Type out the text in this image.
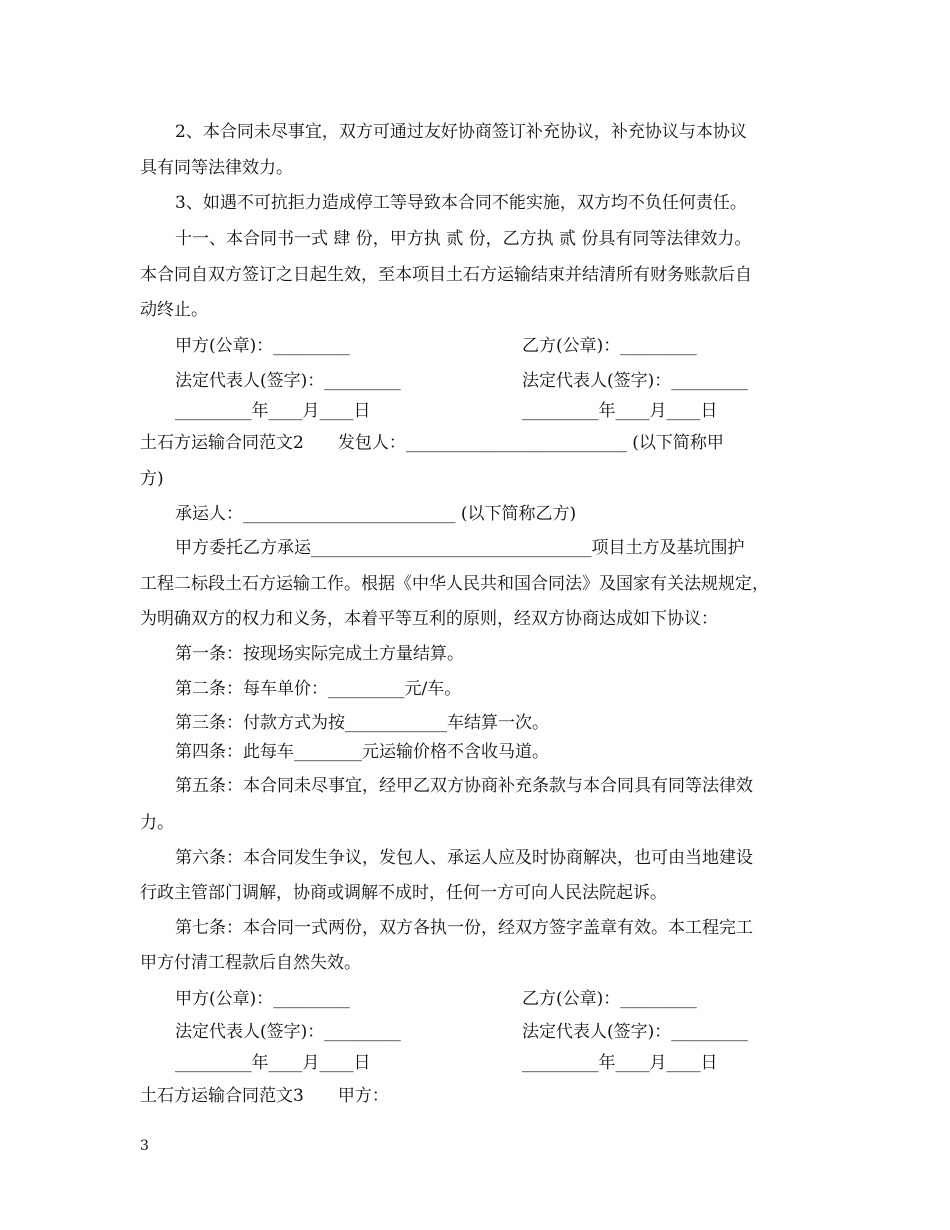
2、本合同未尽事宜，双方可通过友好协商签订补充协议，补充协议与本协议
具有同等法律效力。
3、如遇不可抗拒力造成停工等导致本合同不能实施，双方均不负任何责任。
十一、本合同书一式 肆 份，甲方执 贰 份，乙方执 贰 份具有同等法律效力。
本合同自双方签订之日起生效，至本项目土石方运输结束并结清所有财务账款后自
动终止。
甲方(公章)：_________	乙方(公章)：_________
法定代表人(签字)：_________	法定代表人(签字)：_________
_________年____月____日	_________年____月____日
土石方运输合同范文2　　发包人：__________________________ (以下简称甲
方)
承运人：_________________________ (以下简称乙方)
甲方委托乙方承运_________________________________项目土方及基坑围护
工程二标段土石方运输工作。根据《中华人民共和国合同法》及国家有关法规规定，
为明确双方的权力和义务，本着平等互利的原则，经双方协商达成如下协议：
第一条：按现场实际完成土方量结算。
第二条：每车单价：_________元/车。
第三条：付款方式为按____________车结算一次。
第四条：此每车________元运输价格不含收马道。
第五条：本合同未尽事宜，经甲乙双方协商补充条款与本合同具有同等法律效
力。
第六条：本合同发生争议，发包人、承运人应及时协商解决，也可由当地建设
行政主管部门调解，协商或调解不成时，任何一方可向人民法院起诉。
第七条：本合同一式两份，双方各执一份，经双方签字盖章有效。本工程完工
甲方付清工程款后自然失效。
甲方(公章)：_________	乙方(公章)：_________
法定代表人(签字)：_________	法定代表人(签字)：_________
_________年____月____日	_________年____月____日
土石方运输合同范文3　　甲方：
3
